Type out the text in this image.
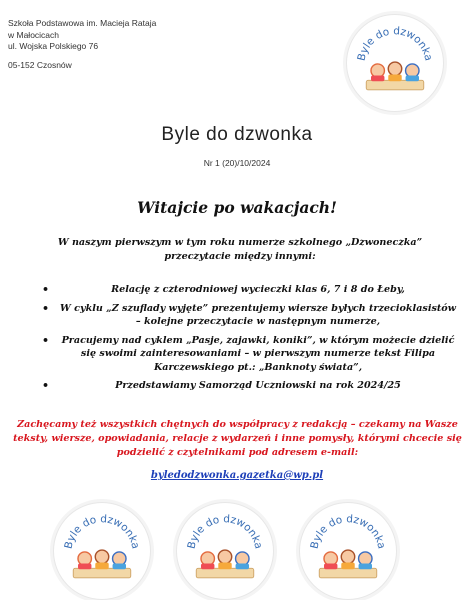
Szkoła Podstawowa im. Macieja Rataja
w Małocicach
ul. Wojska Polskiego 76
05-152 Czosnów
Byle do dzwonka
Byle do dzwonka
Nr 1 (20)/10/2024
Witajcie po wakacjach!
W naszym pierwszym w tym roku numerze szkolnego „Dzwoneczka” przeczytacie między innymi:
•	Relację z czterodniowej wycieczki klas 6, 7 i 8 do Łeby,
• W cyklu „Z szuflady wyjęte” prezentujemy wiersze byłych trzecioklasistów – kolejne przeczytacie w następnym numerze,
• Pracujemy nad cyklem „Pasje, zajawki, koniki”, w którym możecie dzielić się swoimi zainteresowaniami – w pierwszym numerze tekst Filipa Karczewskiego pt.: „Banknoty świata”,
•	Przedstawiamy Samorząd Uczniowski na rok 2024/25
Zachęcamy też wszystkich chętnych do współpracy z redakcją – czekamy na Wasze teksty, wiersze, opowiadania, relacje z wydarzeń i inne pomysły, którymi chcecie się podzielić z czytelnikami pod adresem e-mail:
byledodzwonka.gazetka@wp.pl
Byle do dzwonka	Byle do dzwonka	Byle do dzwonka
